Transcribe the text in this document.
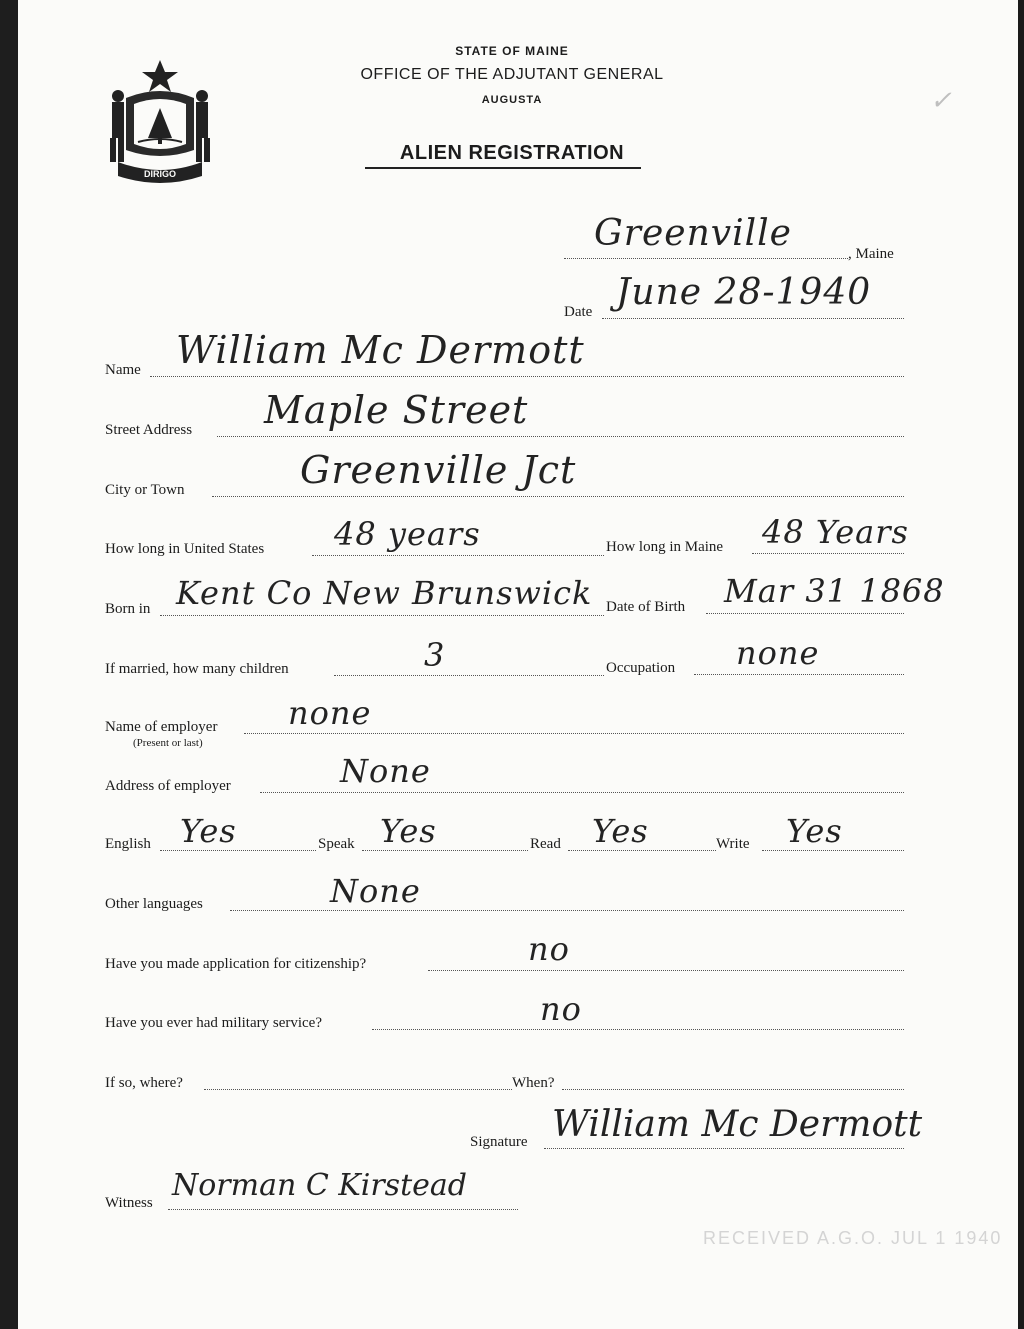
DIRIGO
STATE OF MAINE
OFFICE OF THE ADJUTANT GENERAL
AUGUSTA
ALIEN REGISTRATION
✓
Greenville	, Maine
Date June 28-1940
Name William Mc Dermott
Street Address Maple Street
City or Town	Greenville Jct
How long in United States 48 years	How long in Maine 48 Years
Born in Kent Co New Brunswick Date of Birth Mar 31 1868
If married, how many children	3	Occupation none
Name of employer
(Present or last)
none
Address of employer	None
English Yes	Speak Yes	Read Yes	Write Yes
Other languages	None
Have you made application for citizenship?	no
Have you ever had military service?	no
If so, where?	When?
Signature William Mc Dermott
Witness Norman C Kirstead
RECEIVED A.G.O. JUL 1 1940
